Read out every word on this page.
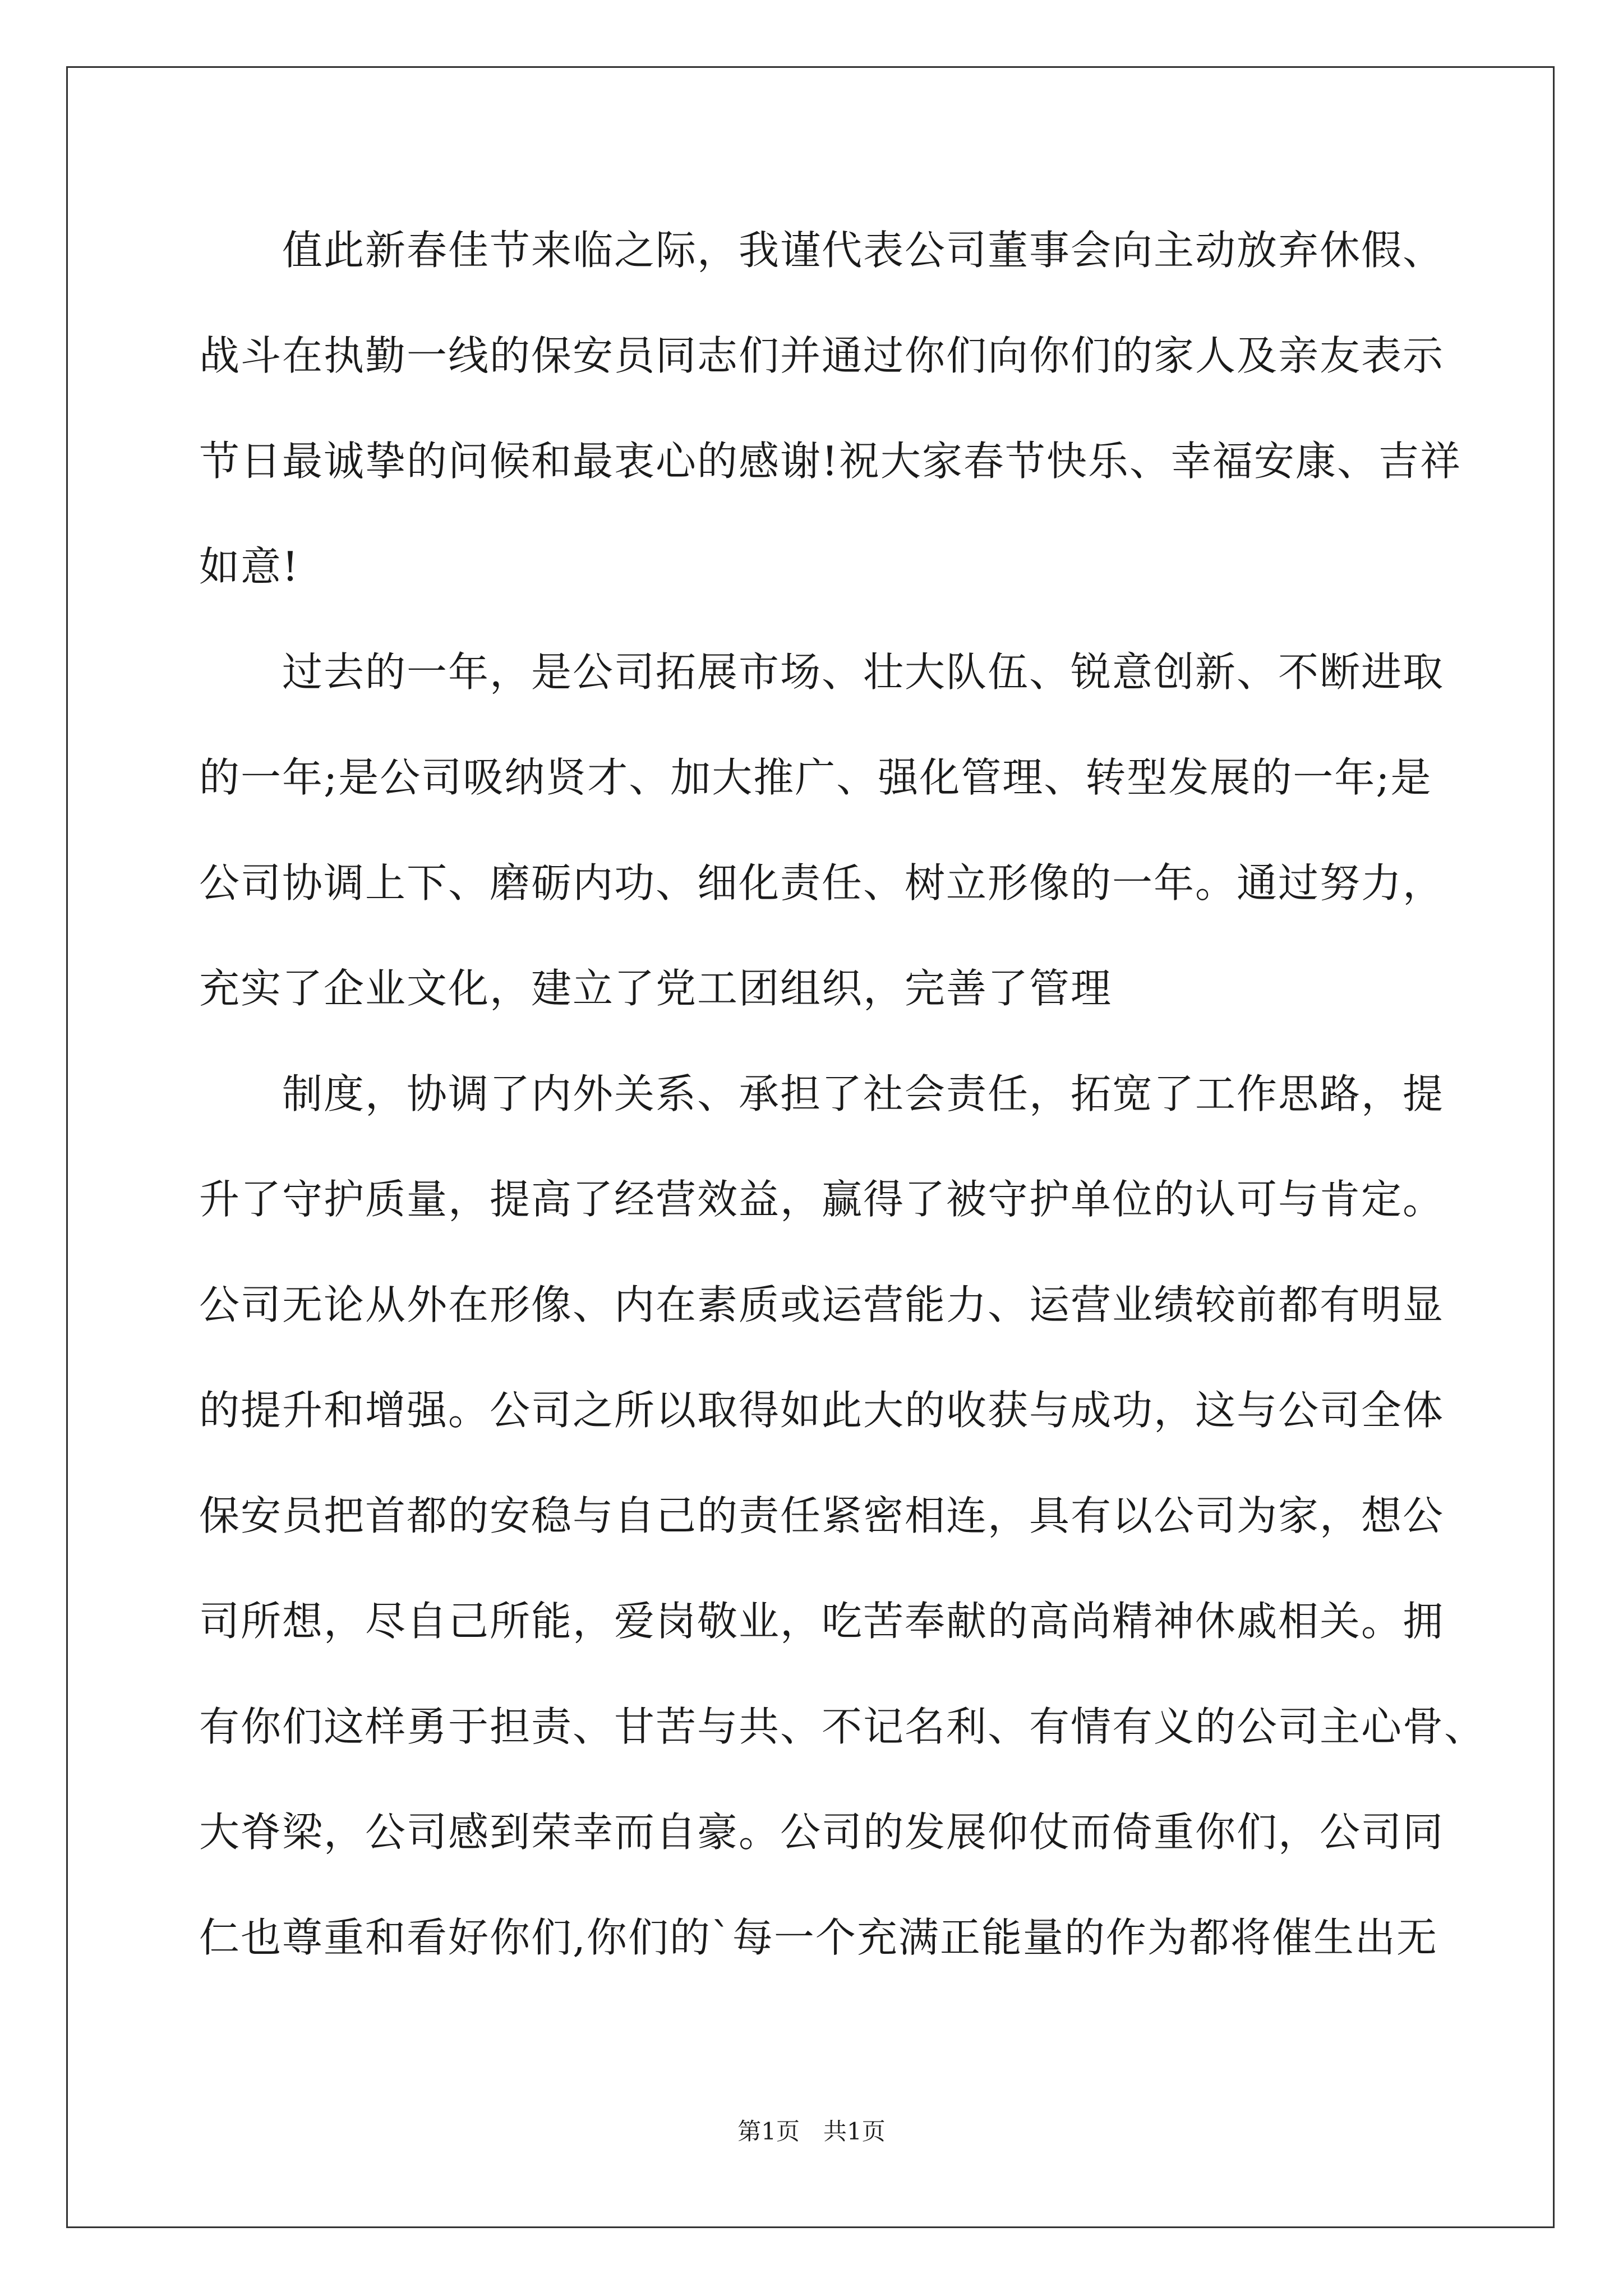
　　值此新春佳节来临之际，我谨代表公司董事会向主动放弃休假、
战斗在执勤一线的保安员同志们并通过你们向你们的家人及亲友表示
节日最诚挚的问候和最衷心的感谢!祝大家春节快乐、幸福安康、吉祥
如意!
　　过去的一年，是公司拓展市场、壮大队伍、锐意创新、不断进取
的一年;是公司吸纳贤才、加大推广、强化管理、转型发展的一年;是
公司协调上下、磨砺内功、细化责任、树立形像的一年。通过努力，
充实了企业文化，建立了党工团组织，完善了管理
　　制度，协调了内外关系、承担了社会责任，拓宽了工作思路，提
升了守护质量，提高了经营效益，赢得了被守护单位的认可与肯定。
公司无论从外在形像、内在素质或运营能力、运营业绩较前都有明显
的提升和增强。公司之所以取得如此大的收获与成功，这与公司全体
保安员把首都的安稳与自己的责任紧密相连，具有以公司为家，想公
司所想，尽自己所能，爱岗敬业，吃苦奉献的高尚精神休戚相关。拥
有你们这样勇于担责、甘苦与共、不记名利、有情有义的公司主心骨、
大脊梁，公司感到荣幸而自豪。公司的发展仰仗而倚重你们，公司同
仁也尊重和看好你们,你们的`每一个充满正能量的作为都将催生出无
第1页　共1页
